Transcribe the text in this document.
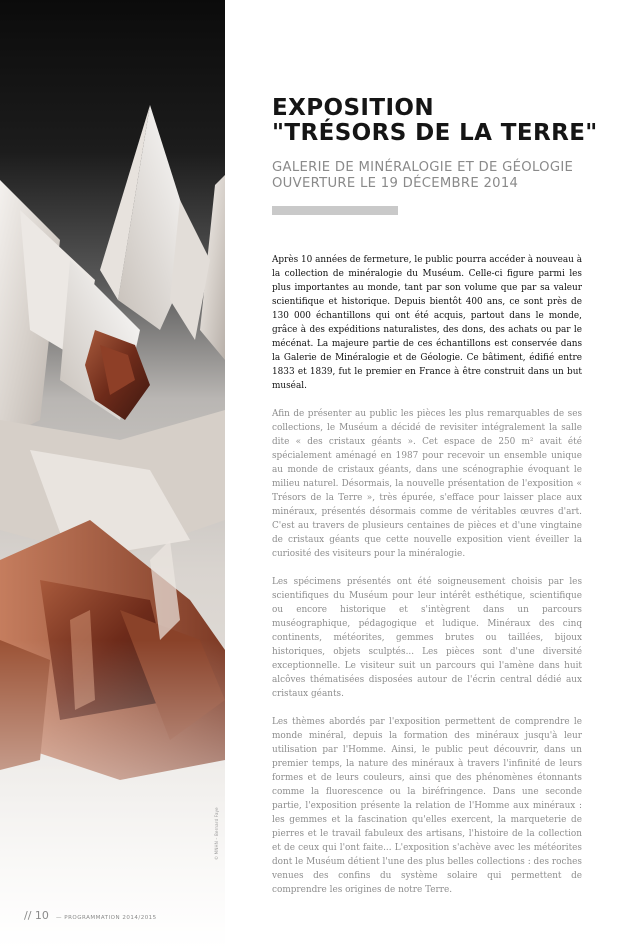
© MNHN – Bernard Faye
EXPOSITION
"TRÉSORS DE LA TERRE"
GALERIE DE MINÉRALOGIE ET DE GÉOLOGIE
OUVERTURE LE 19 DÉCEMBRE 2014

Après 10 années de fermeture, le public pourra accéder à nouveau à la collection de minéralogie du Muséum. Celle-ci figure parmi les plus importantes au monde, tant par son volume que par sa valeur scientifique et historique. Depuis bientôt 400 ans, ce sont près de 130 000 échantillons qui ont été acquis, partout dans le monde, grâce à des expéditions naturalistes, des dons, des achats ou par le mécénat. La majeure partie de ces échantillons est conservée dans la Galerie de Minéralogie et de Géologie. Ce bâtiment, édifié entre 1833 et 1839, fut le premier en France à être construit dans un but muséal.

Afin de présenter au public les pièces les plus remarquables de ses collections, le Muséum a décidé de revisiter intégralement la salle dite « des cristaux géants ». Cet espace de 250 m² avait été spécialement aménagé en 1987 pour recevoir un ensemble unique au monde de cristaux géants, dans une scénographie évoquant le milieu naturel. Désormais, la nouvelle présentation de l'exposition « Trésors de la Terre », très épurée, s'efface pour laisser place aux minéraux, présentés désormais comme de véritables œuvres d'art. C'est au travers de plusieurs centaines de pièces et d'une vingtaine de cristaux géants que cette nouvelle exposition vient éveiller la curiosité des visiteurs pour la minéralogie.

Les spécimens présentés ont été soigneusement choisis par les scientifiques du Muséum pour leur intérêt esthétique, scientifique ou encore historique et s'intègrent dans un parcours muséographique, pédagogique et ludique. Minéraux des cinq continents, météorites, gemmes brutes ou taillées, bijoux historiques, objets sculptés... Les pièces sont d'une diversité exceptionnelle. Le visiteur suit un parcours qui l'amène dans huit alcôves thématisées disposées autour de l'écrin central dédié aux cristaux géants.

Les thèmes abordés par l'exposition permettent de comprendre le monde minéral, depuis la formation des minéraux jusqu'à leur utilisation par l'Homme. Ainsi, le public peut découvrir, dans un premier temps, la nature des minéraux à travers l'infinité de leurs formes et de leurs couleurs, ainsi que des phénomènes étonnants comme la fluorescence ou la biréfringence. Dans une seconde partie, l'exposition présente la relation de l'Homme aux minéraux : les gemmes et la fascination qu'elles exercent, la marqueterie de pierres et le travail fabuleux des artisans, l'histoire de la collection et de ceux qui l'ont faite... L'exposition s'achève avec les météorites dont le Muséum détient l'une des plus belles collections : des roches venues des confins du système solaire qui permettent de comprendre les origines de notre Terre.

// 10 — PROGRAMMATION 2014/2015
